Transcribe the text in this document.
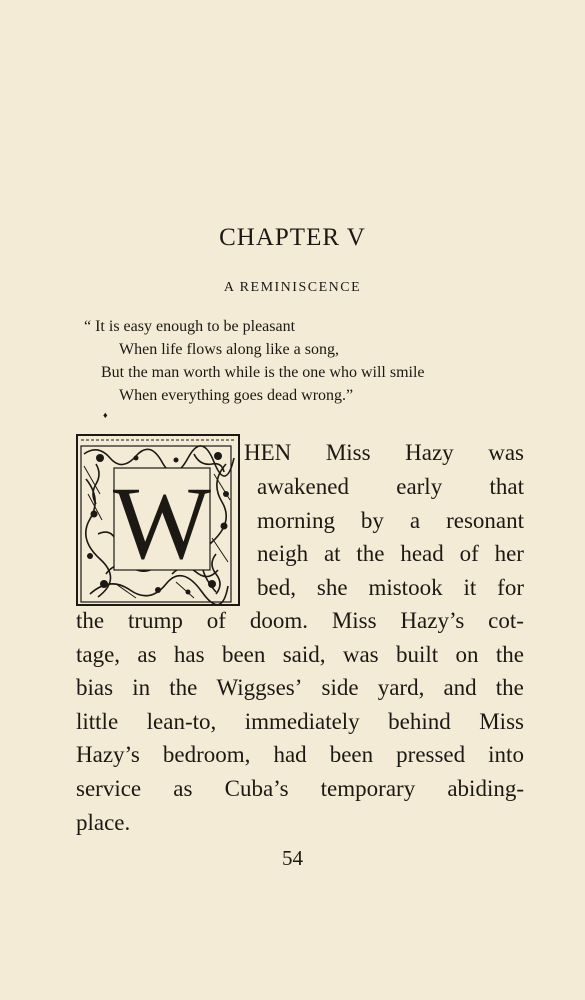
CHAPTER V
A REMINISCENCE
“ It is easy enough to be pleasant
When life flows along like a song,
But the man worth while is the one who will smile
When everything goes dead wrong.”
♦
W
HEN Miss Hazy was
awakened early that
morning by a resonant
neigh at the head of her
bed, she mistook it for
the trump of doom. Miss Hazy’s cot-
tage, as has been said, was built on the
bias in the Wiggses’ side yard, and the
little lean-to, immediately behind Miss
Hazy’s bedroom, had been pressed into
service as Cuba’s temporary abiding-
place.
54
